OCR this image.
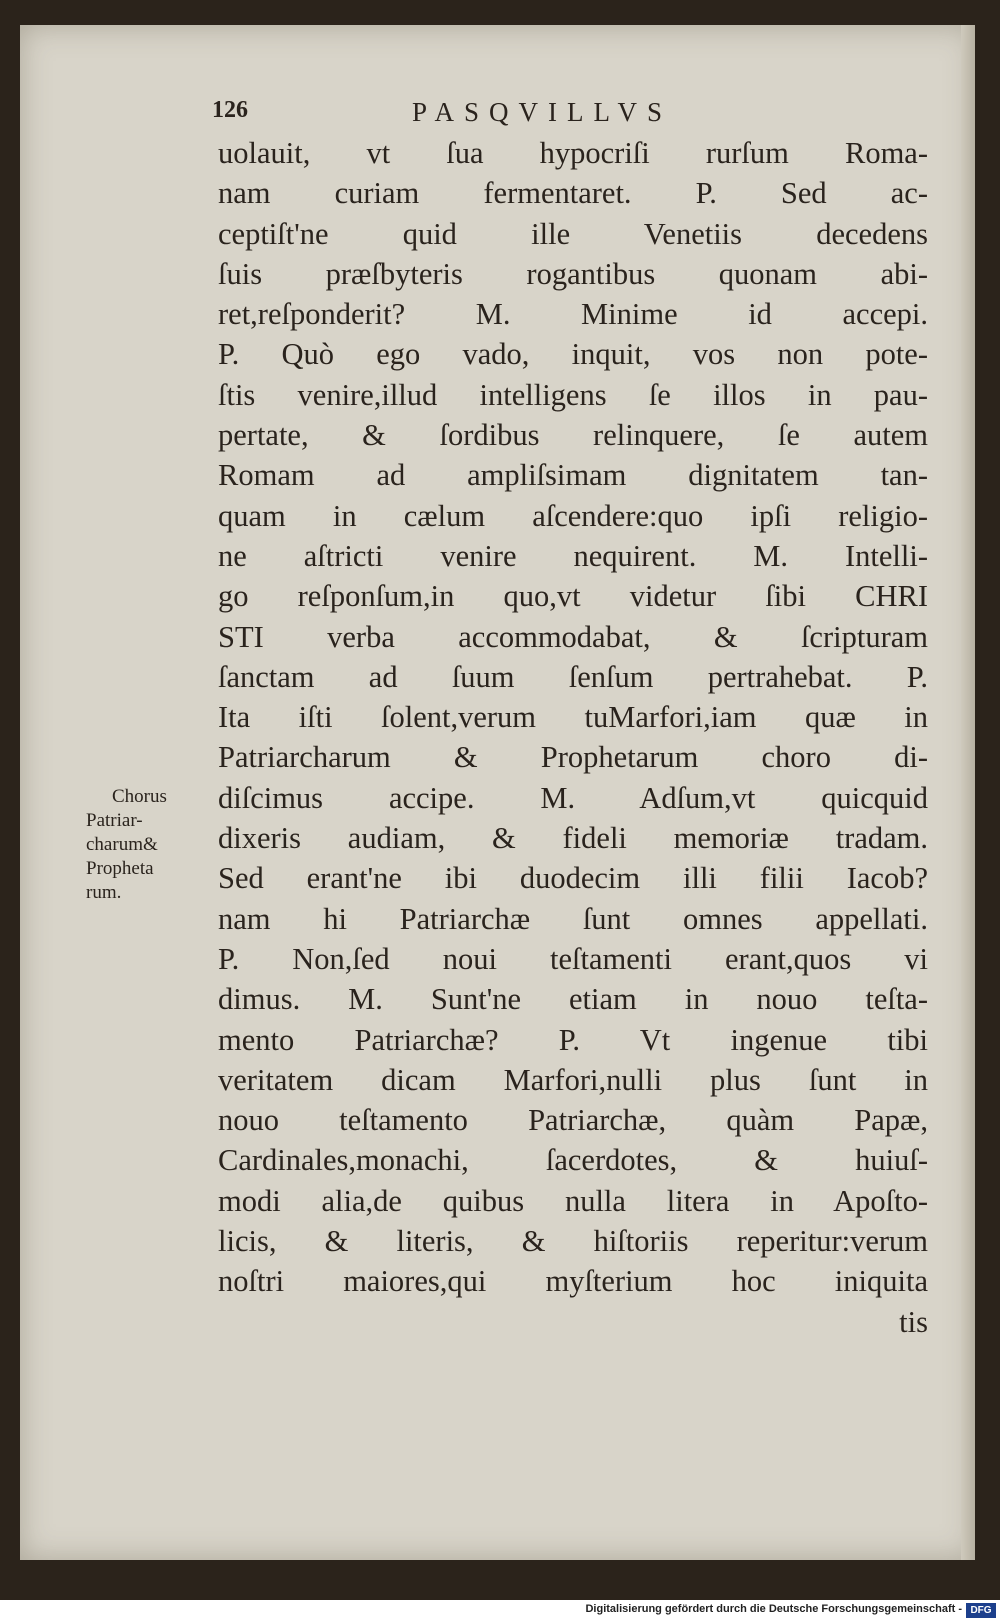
126	PASQVILLVS
uolauit, vt ſua hypocriſi rurſum Roma-
nam curiam fermentaret. P. Sed ac-
ceptiſt'ne quid ille Venetiis decedens
ſuis præſbyteris rogantibus quonam abi-
ret,reſponderit? M. Minime id accepi.
P. Quò ego vado, inquit, vos non pote-
ſtis venire,illud intelligens ſe illos in pau-
pertate, & ſordibus relinquere, ſe autem
Romam ad ampliſsimam dignitatem tan-
quam in cælum aſcendere:quo ipſi religio-
ne aſtricti venire nequirent. M. Intelli-
go reſponſum,in quo,vt videtur ſibi CHRI
STI verba accommodabat, & ſcripturam
ſanctam ad ſuum ſenſum pertrahebat. P.
Ita iſti ſolent,verum tuMarfori,iam quæ in
Patriarcharum & Prophetarum choro di-
diſcimus accipe. M. Adſum,vt quicquid
dixeris audiam, & fideli memoriæ tradam.
Sed erant'ne ibi duodecim illi filii Iacob?
nam hi Patriarchæ ſunt omnes appellati.
P. Non,ſed noui teſtamenti erant,quos vi
dimus. M. Sunt'ne etiam in nouo teſta-
mento Patriarchæ? P. Vt ingenue tibi
veritatem dicam Marfori,nulli plus ſunt in
nouo teſtamento Patriarchæ, quàm Papæ,
Cardinales,monachi, ſacerdotes, & huiuſ-
modi alia,de quibus nulla litera in Apoſto-
licis, & literis, & hiſtoriis reperitur:verum
noſtri maiores,qui myſterium hoc iniquita
tis
Chorus
Patriar-
charum&
Propheta
rum.
Digitalisierung gefördert durch die Deutsche Forschungsgemeinschaft - DFG
